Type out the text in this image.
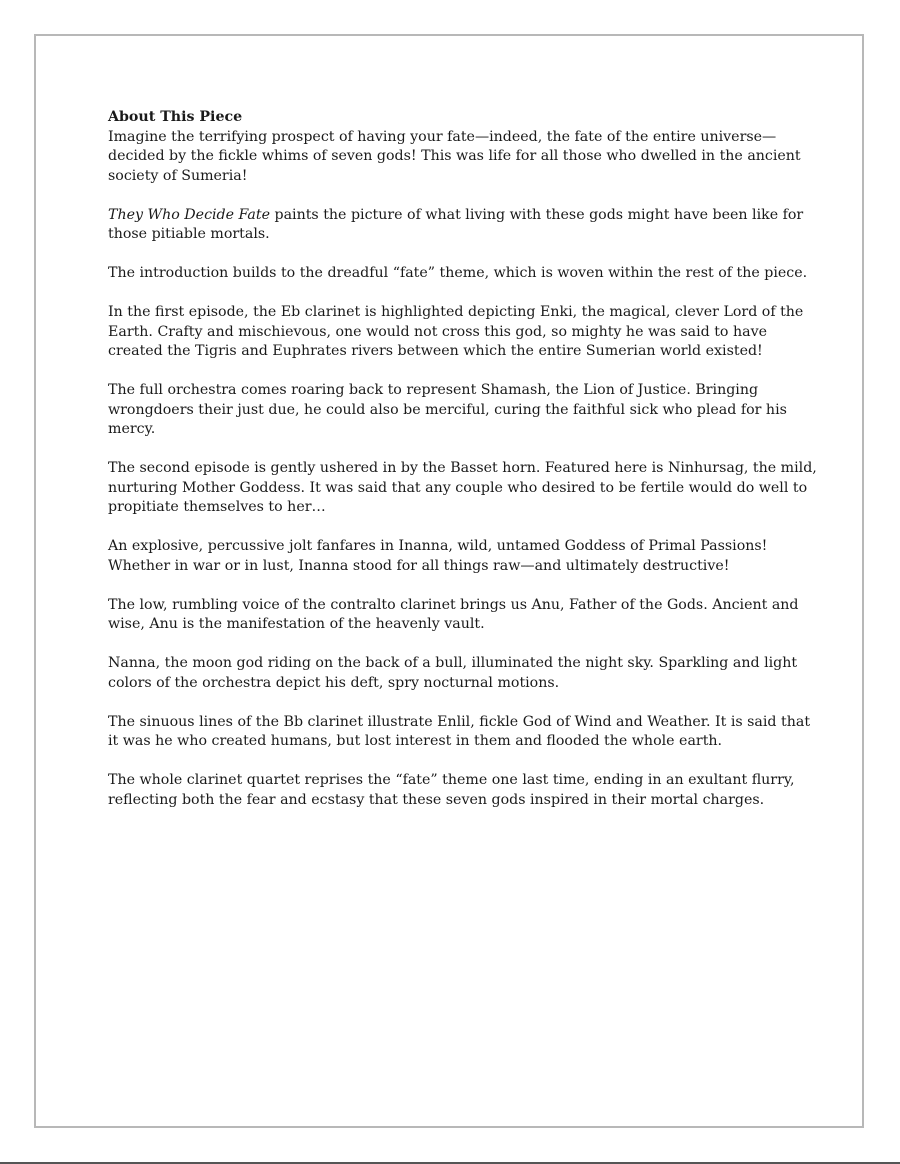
About This Piece

Imagine the terrifying prospect of having your fate—indeed, the fate of the entire universe—decided by the fickle whims of seven gods! This was life for all those who dwelled in the ancient society of Sumeria!

They Who Decide Fate paints the picture of what living with these gods might have been like for those pitiable mortals.

The introduction builds to the dreadful “fate” theme, which is woven within the rest of the piece.

In the first episode, the Eb clarinet is highlighted depicting Enki, the magical, clever Lord of the Earth. Crafty and mischievous, one would not cross this god, so mighty he was said to have created the Tigris and Euphrates rivers between which the entire Sumerian world existed!

The full orchestra comes roaring back to represent Shamash, the Lion of Justice. Bringing wrongdoers their just due, he could also be merciful, curing the faithful sick who plead for his mercy.

The second episode is gently ushered in by the Basset horn. Featured here is Ninhursag, the mild, nurturing Mother Goddess. It was said that any couple who desired to be fertile would do well to propitiate themselves to her…

An explosive, percussive jolt fanfares in Inanna, wild, untamed Goddess of Primal Passions! Whether in war or in lust, Inanna stood for all things raw—and ultimately destructive!

The low, rumbling voice of the contralto clarinet brings us Anu, Father of the Gods. Ancient and wise, Anu is the manifestation of the heavenly vault.

Nanna, the moon god riding on the back of a bull, illuminated the night sky. Sparkling and light colors of the orchestra depict his deft, spry nocturnal motions.

The sinuous lines of the Bb clarinet illustrate Enlil, fickle God of Wind and Weather. It is said that it was he who created humans, but lost interest in them and flooded the whole earth.

The whole clarinet quartet reprises the “fate” theme one last time, ending in an exultant flurry, reflecting both the fear and ecstasy that these seven gods inspired in their mortal charges.
